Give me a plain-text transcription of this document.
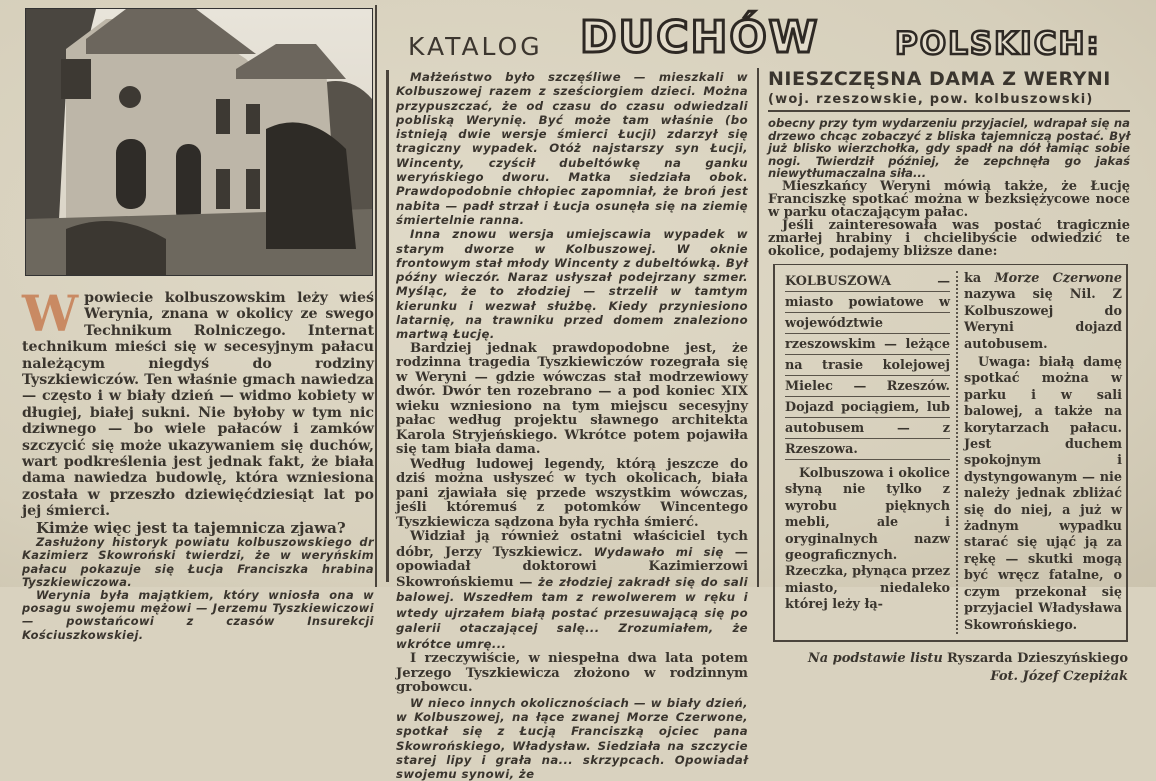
KATALOG DUCHÓW POLSKICH:

W powiecie kolbuszowskim leży wieś Werynia, znana w okolicy ze swego Technikum Rolniczego. Internat technikum mieści się w secesyjnym pałacu należącym niegdyś do rodziny Tyszkiewiczów. Ten właśnie gmach nawiedza — często i w biały dzień — widmo kobiety w długiej, białej sukni. Nie byłoby w tym nic dziwnego — bo wiele pałaców i zamków szczycić się może ukazywaniem się duchów, wart podkreślenia jest jednak fakt, że biała dama nawiedza budowlę, która wzniesiona została w przeszło dziewięćdziesiąt lat po jej śmierci.

Kimże więc jest ta tajemnicza zjawa?

Zasłużony historyk powiatu kolbuszowskiego dr Kazimierz Skowroński twierdzi, że w weryńskim pałacu pokazuje się Łucja Franciszka hrabina Tyszkiewiczowa.

Werynia była majątkiem, który wniosła ona w posagu swojemu mężowi — Jerzemu Tyszkiewiczowi — powstańcowi z czasów Insurekcji Kościuszkowskiej.

Małżeństwo było szczęśliwe — mieszkali w Kolbuszowej razem z sześciorgiem dzieci. Można przypuszczać, że od czasu do czasu odwiedzali pobliską Werynię. Być może tam właśnie (bo istnieją dwie wersje śmierci Łucji) zdarzył się tragiczny wypadek. Otóż najstarszy syn Łucji, Wincenty, czyścił dubeltówkę na ganku weryńskiego dworu. Matka siedziała obok. Prawdopodobnie chłopiec zapomniał, że broń jest nabita — padł strzał i Łucja osunęła się na ziemię śmiertelnie ranna.

Inna znowu wersja umiejscawia wypadek w starym dworze w Kolbuszowej. W oknie frontowym stał młody Wincenty z dubeltówką. Był późny wieczór. Naraz usłyszał podejrzany szmer. Myśląc, że to złodziej — strzelił w tamtym kierunku i wezwał służbę. Kiedy przyniesiono latarnię, na trawniku przed domem znaleziono martwą Łucję.

Bardziej jednak prawdopodobne jest, że rodzinna tragedia Tyszkiewiczów rozegrała się w Weryni — gdzie wówczas stał modrzewiowy dwór. Dwór ten rozebrano — a pod koniec XIX wieku wzniesiono na tym miejscu secesyjny pałac według projektu sławnego architekta Karola Stryjeńskiego. Wkrótce potem pojawiła się tam biała dama.

Według ludowej legendy, którą jeszcze do dziś można usłyszeć w tych okolicach, biała pani zjawiała się przede wszystkim wówczas, jeśli któremuś z potomków Wincentego Tyszkiewicza sądzona była rychła śmierć.

Widział ją również ostatni właściciel tych dóbr, Jerzy Tyszkiewicz. Wydawało mi się — opowiadał doktorowi Kazimierzowi Skowrońskiemu — że złodziej zakradł się do sali balowej. Wszedłem tam z rewolwerem w ręku i wtedy ujrzałem białą postać przesuwającą się po galerii otaczającej salę... Zrozumiałem, że wkrótce umrę...

I rzeczywiście, w niespełna dwa lata potem Jerzego Tyszkiewicza złożono w rodzinnym grobowcu.

W nieco innych okolicznościach — w biały dzień, w Kolbuszowej, na łące zwanej Morze Czerwone, spotkał się z Łucją Franciszką ojciec pana Skowrońskiego, Władysław. Siedziała na szczycie starej lipy i grała na... skrzypcach. Opowiadał swojemu synowi, że

NIESZCZĘSNA DAMA Z WERYNI
(woj. rzeszowskie, pow. kolbuszowski)

obecny przy tym wydarzeniu przyjaciel, wdrapał się na drzewo chcąc zobaczyć z bliska tajemniczą postać. Był już blisko wierzchołka, gdy spadł na dół łamiąc sobie nogi. Twierdził później, że zepchnęła go jakaś niewytłumaczalna siła...

Mieszkańcy Weryni mówią także, że Łucję Franciszkę spotkać można w bezksiężycowe noce w parku otaczającym pałac.

Jeśli zainteresowała was postać tragicznie zmarłej hrabiny i chcielibyście odwiedzić te okolice, podajemy bliższe dane:

KOLBUSZOWA — miasto powiatowe w województwie rzeszowskim — leżące na trasie kolejowej Mielec — Rzeszów. Dojazd pociągiem, lub autobusem — z Rzeszowa.

Kolbuszowa i okolice słyną nie tylko z wyrobu pięknych mebli, ale i oryginalnych nazw geograficznych. Rzeczka, płynąca przez miasto, niedaleko której leży łą-

ka Morze Czerwone nazywa się Nil. Z Kolbuszowej do Weryni dojazd autobusem.

Uwaga: białą damę spotkać można w parku i w sali balowej, a także na korytarzach pałacu. Jest duchem spokojnym i dystyngowanym — nie należy jednak zbliżać się do niej, a już w żadnym wypadku starać się ująć ją za rękę — skutki mogą być wręcz fatalne, o czym przekonał się przyjaciel Władysława Skowrońskiego.

Na podstawie listu Ryszarda Dzieszyńskiego
Fot. Józef Czepiżak
